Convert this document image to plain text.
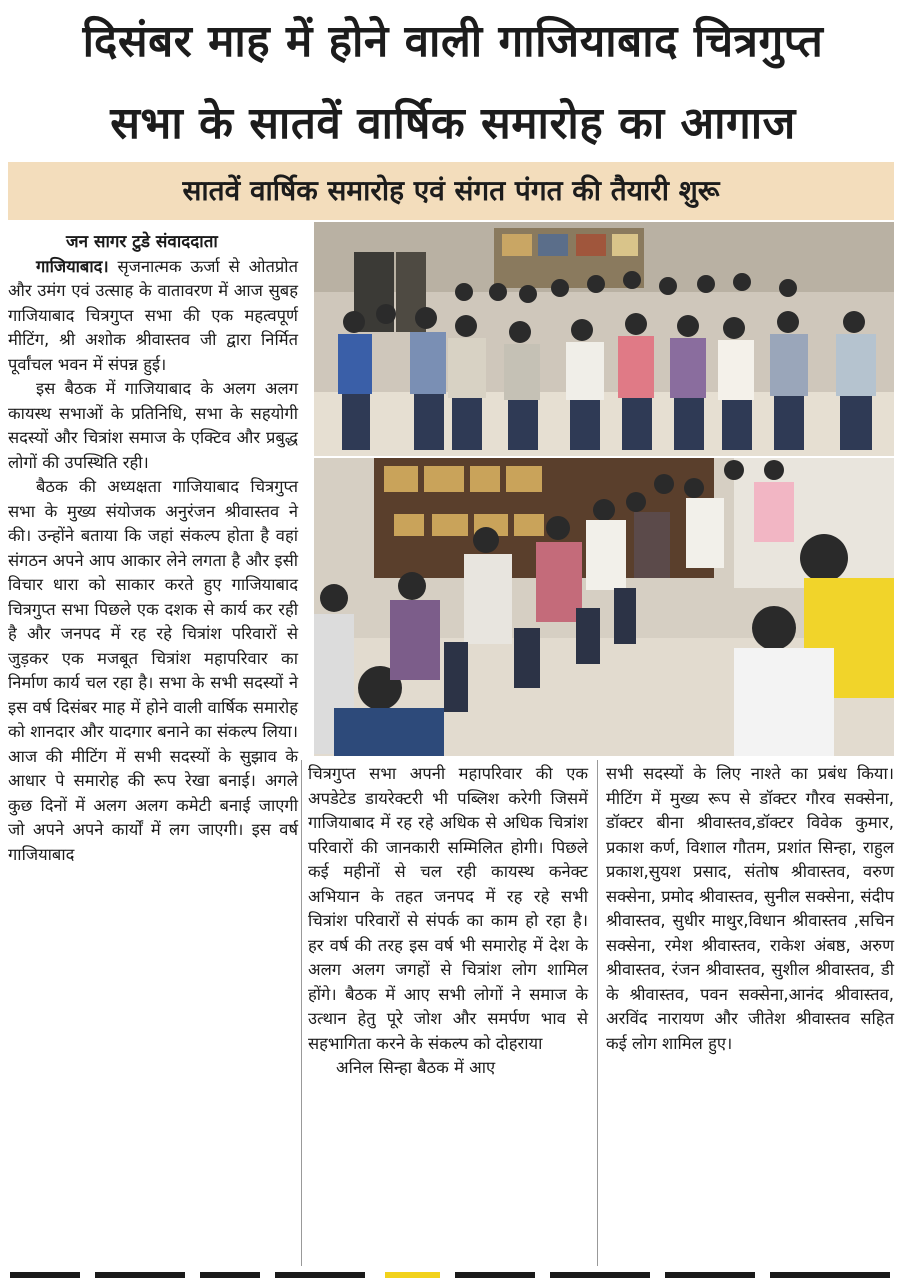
दिसंबर माह में होने वाली गाजियाबाद चित्रगुप्त
सभा के सातवें वार्षिक समारोह का आगाज
सातवें वार्षिक समारोह एवं संगत पंगत की तैयारी शुरू

जन सागर टुडे संवाददाता

गाजियाबाद। सृजनात्मक ऊर्जा से ओतप्रोत और उमंग एवं उत्साह के वातावरण में आज सुबह गाजियाबाद चित्रगुप्त सभा की एक महत्वपूर्ण मीटिंग, श्री अशोक श्रीवास्तव जी द्वारा निर्मित पूर्वांचल भवन में संपन्न हुई।

इस बैठक में गाजियाबाद के अलग अलग कायस्थ सभाओं के प्रतिनिधि, सभा के सहयोगी सदस्यों और चित्रांश समाज के एक्टिव और प्रबुद्ध लोगों की उपस्थिति रही।

बैठक की अध्यक्षता गाजियाबाद चित्रगुप्त सभा के मुख्य संयोजक अनुरंजन श्रीवास्तव ने की। उन्होंने बताया कि जहां संकल्प होता है वहां संगठन अपने आप आकार लेने लगता है और इसी विचार धारा को साकार करते हुए गाजियाबाद चित्रगुप्त सभा पिछले एक दशक से कार्य कर रही है और जनपद में रह रहे चित्रांश परिवारों से जुड़कर एक मजबूत चित्रांश महापरिवार का निर्माण कार्य चल रहा है। सभा के सभी सदस्यों ने इस वर्ष दिसंबर माह में होने वाली वार्षिक समारोह को शानदार और यादगार बनाने का संकल्प लिया। आज की मीटिंग में सभी सदस्यों के सुझाव के आधार पे समारोह की रूप रेखा बनाई। अगले कुछ दिनों में अलग अलग कमेटी बनाई जाएगी जो अपने अपने कार्यों में लग जाएगी। इस वर्ष गाजियाबाद

चित्रगुप्त सभा अपनी महापरिवार की एक अपडेटेड डायरेक्टरी भी पब्लिश करेगी जिसमें गाजियाबाद में रह रहे अधिक से अधिक चित्रांश परिवारों की जानकारी सम्मिलित होगी। पिछले कई महीनों से चल रही कायस्थ कनेक्ट अभियान के तहत जनपद में रह रहे सभी चित्रांश परिवारों से संपर्क का काम हो रहा है। हर वर्ष की तरह इस वर्ष भी समारोह में देश के अलग अलग जगहों से चित्रांश लोग शामिल होंगे। बैठक में आए सभी लोगों ने समाज के उत्थान हेतु पूरे जोश और समर्पण भाव से सहभागिता करने के संकल्प को दोहराया

अनिल सिन्हा बैठक में आए

सभी सदस्यों के लिए नाश्ते का प्रबंध किया। मीटिंग में मुख्य रूप से डॉक्टर गौरव सक्सेना, डॉक्टर बीना श्रीवास्तव,डॉक्टर विवेक कुमार, प्रकाश कर्ण, विशाल गौतम, प्रशांत सिन्हा, राहुल प्रकाश,सुयश प्रसाद, संतोष श्रीवास्तव, वरुण सक्सेना, प्रमोद श्रीवास्तव, सुनील सक्सेना, संदीप श्रीवास्तव, सुधीर माथुर,विधान श्रीवास्तव ,सचिन सक्सेना, रमेश श्रीवास्तव, राकेश अंबष्ठ, अरुण श्रीवास्तव, रंजन श्रीवास्तव, सुशील श्रीवास्तव, डी के श्रीवास्तव, पवन सक्सेना,आनंद श्रीवास्तव, अरविंद नारायण और जीतेश श्रीवास्तव सहित कई लोग शामिल हुए।
